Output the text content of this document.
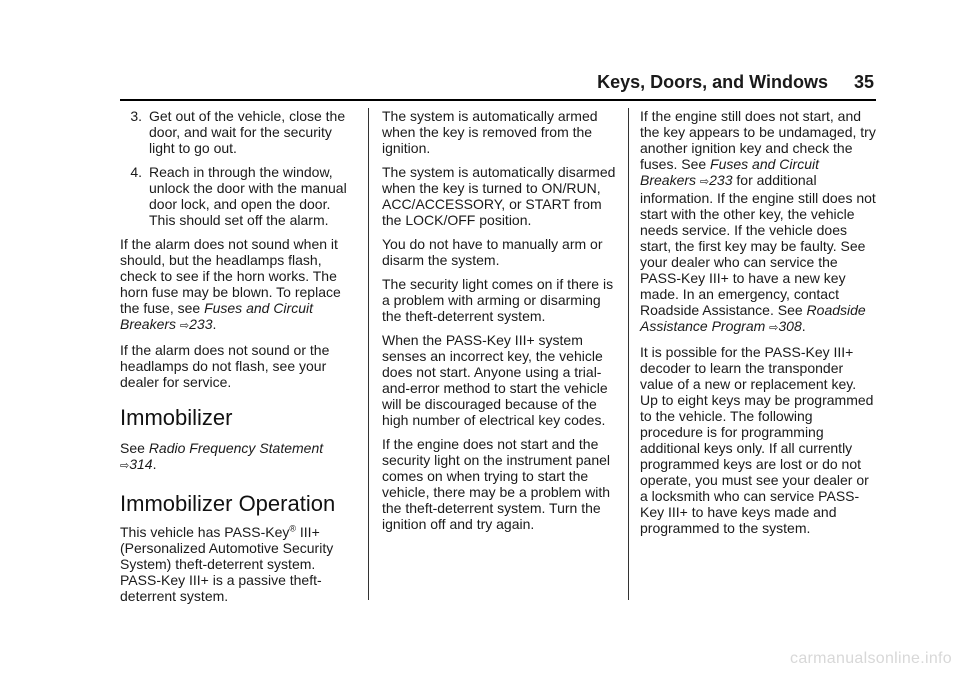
Keys, Doors, and Windows 35
3. Get out of the vehicle, close the door, and wait for the security light to go out.
4. Reach in through the window, unlock the door with the manual door lock, and open the door. This should set off the alarm.

If the alarm does not sound when it should, but the headlamps flash, check to see if the horn works. The horn fuse may be blown. To replace the fuse, see Fuses and Circuit Breakers ⇨233.

If the alarm does not sound or the headlamps do not flash, see your dealer for service.

Immobilizer

See Radio Frequency Statement ⇨314.

Immobilizer Operation

This vehicle has PASS-Key® III+ (Personalized Automotive Security System) theft-deterrent system. PASS-Key III+ is a passive theft-deterrent system.

The system is automatically armed when the key is removed from the ignition.

The system is automatically disarmed when the key is turned to ON/RUN, ACC/ACCESSORY, or START from the LOCK/OFF position.

You do not have to manually arm or disarm the system.

The security light comes on if there is a problem with arming or disarming the theft-deterrent system.

When the PASS-Key III+ system senses an incorrect key, the vehicle does not start. Anyone using a trial-and-error method to start the vehicle will be discouraged because of the high number of electrical key codes.

If the engine does not start and the security light on the instrument panel comes on when trying to start the vehicle, there may be a problem with the theft-deterrent system. Turn the ignition off and try again.

If the engine still does not start, and the key appears to be undamaged, try another ignition key and check the fuses. See Fuses and Circuit Breakers ⇨233 for additional information. If the engine still does not start with the other key, the vehicle needs service. If the vehicle does start, the first key may be faulty. See your dealer who can service the PASS-Key III+ to have a new key made. In an emergency, contact Roadside Assistance. See Roadside Assistance Program ⇨308.

It is possible for the PASS-Key III+ decoder to learn the transponder value of a new or replacement key. Up to eight keys may be programmed to the vehicle. The following procedure is for programming additional keys only. If all currently programmed keys are lost or do not operate, you must see your dealer or a locksmith who can service PASS-Key III+ to have keys made and programmed to the system.

carmanualsonline.info
